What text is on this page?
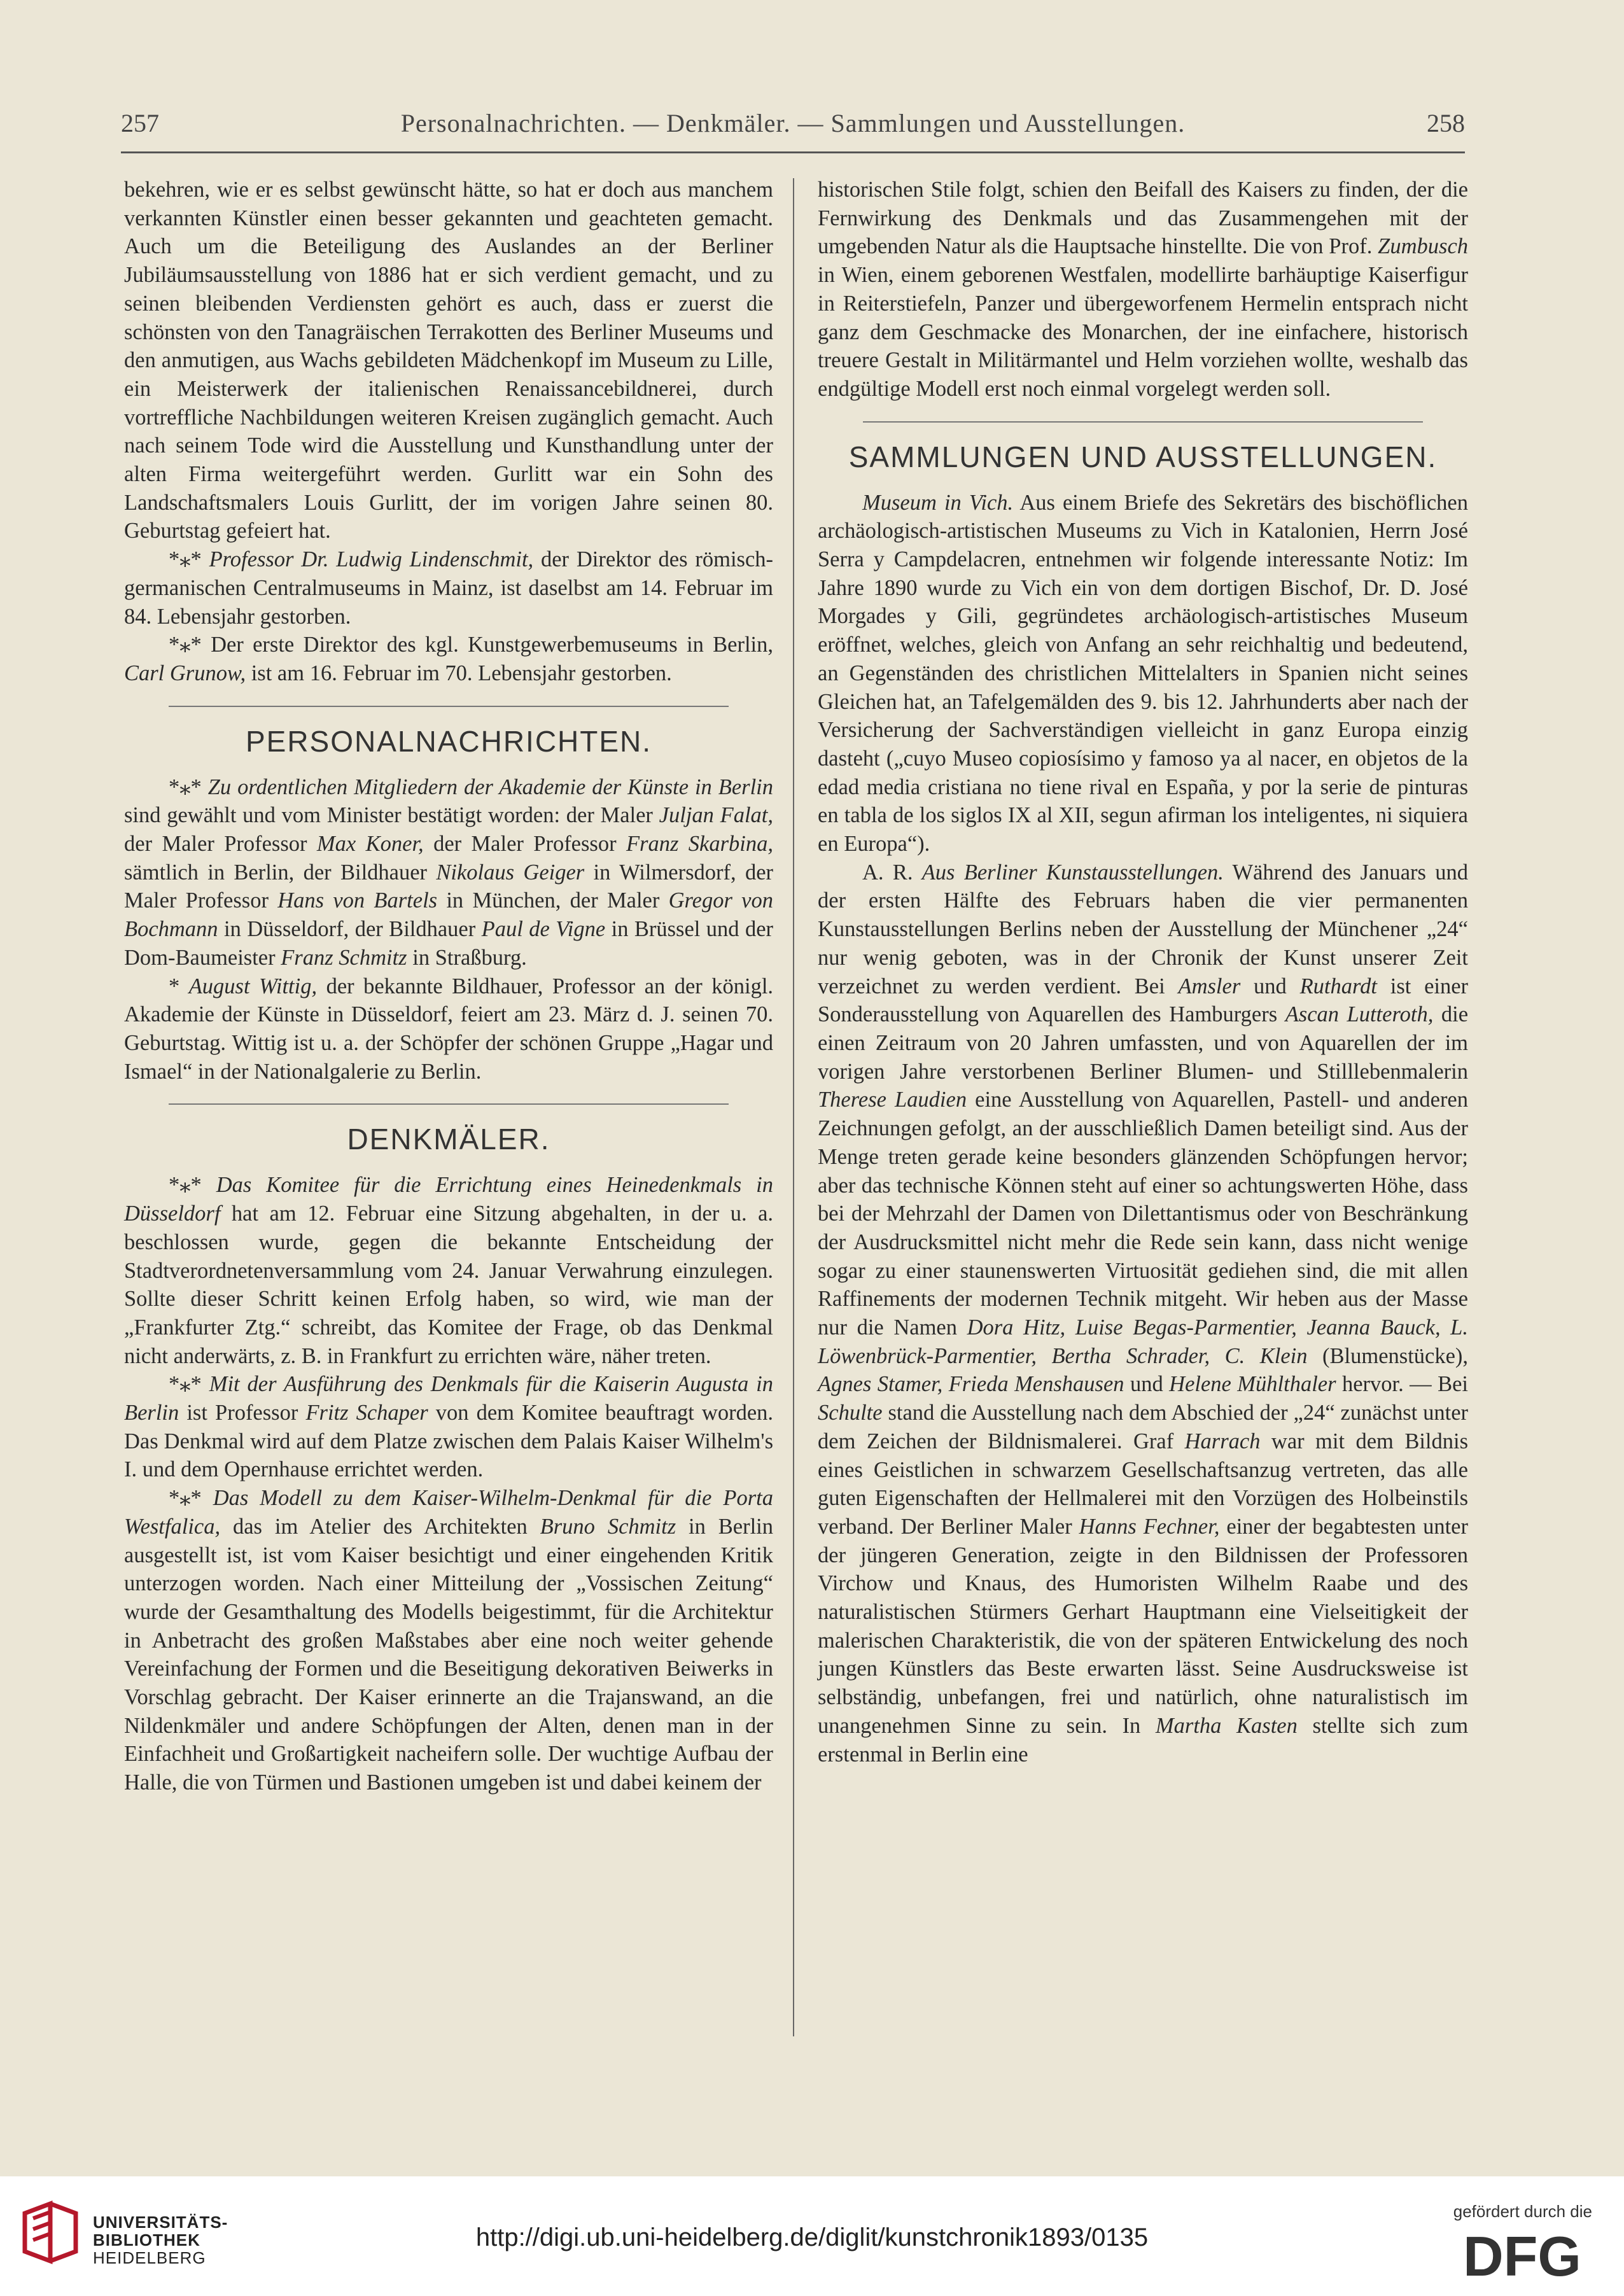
257	Personalnachrichten. — Denkmäler. — Sammlungen und Ausstellungen.	258

bekehren, wie er es selbst gewünscht hätte, so hat er doch aus manchem verkannten Künstler einen besser gekannten und geachteten gemacht. Auch um die Beteiligung des Auslandes an der Berliner Jubiläumsausstellung von 1886 hat er sich verdient gemacht, und zu seinen bleibenden Verdiensten gehört es auch, dass er zuerst die schönsten von den Tanagräischen Terrakotten des Berliner Museums und den anmutigen, aus Wachs gebildeten Mädchenkopf im Museum zu Lille, ein Meisterwerk der italienischen Renaissancebildnerei, durch vortreffliche Nachbildungen weiteren Kreisen zugänglich gemacht. Auch nach seinem Tode wird die Ausstellung und Kunsthandlung unter der alten Firma weitergeführt werden. Gurlitt war ein Sohn des Landschaftsmalers Louis Gurlitt, der im vorigen Jahre seinen 80. Geburtstag gefeiert hat.

*⁎* Professor Dr. Ludwig Lindenschmit, der Direktor des römisch-germanischen Centralmuseums in Mainz, ist daselbst am 14. Februar im 84. Lebensjahr gestorben.

*⁎* Der erste Direktor des kgl. Kunstgewerbemuseums in Berlin, Carl Grunow, ist am 16. Februar im 70. Lebensjahr gestorben.

PERSONALNACHRICHTEN.

*⁎* Zu ordentlichen Mitgliedern der Akademie der Künste in Berlin sind gewählt und vom Minister bestätigt worden: der Maler Juljan Falat, der Maler Professor Max Koner, der Maler Professor Franz Skarbina, sämtlich in Berlin, der Bildhauer Nikolaus Geiger in Wilmersdorf, der Maler Professor Hans von Bartels in München, der Maler Gregor von Bochmann in Düsseldorf, der Bildhauer Paul de Vigne in Brüssel und der Dom-Baumeister Franz Schmitz in Straßburg.

* August Wittig, der bekannte Bildhauer, Professor an der königl. Akademie der Künste in Düsseldorf, feiert am 23. März d. J. seinen 70. Geburtstag. Wittig ist u. a. der Schöpfer der schönen Gruppe „Hagar und Ismael“ in der Nationalgalerie zu Berlin.

DENKMÄLER.

*⁎* Das Komitee für die Errichtung eines Heinedenkmals in Düsseldorf hat am 12. Februar eine Sitzung abgehalten, in der u. a. beschlossen wurde, gegen die bekannte Entscheidung der Stadtverordnetenversammlung vom 24. Januar Verwahrung einzulegen. Sollte dieser Schritt keinen Erfolg haben, so wird, wie man der „Frankfurter Ztg.“ schreibt, das Komitee der Frage, ob das Denkmal nicht anderwärts, z. B. in Frankfurt zu errichten wäre, näher treten.

*⁎* Mit der Ausführung des Denkmals für die Kaiserin Augusta in Berlin ist Professor Fritz Schaper von dem Komitee beauftragt worden. Das Denkmal wird auf dem Platze zwischen dem Palais Kaiser Wilhelm's I. und dem Opernhause errichtet werden.

*⁎* Das Modell zu dem Kaiser-Wilhelm-Denkmal für die Porta Westfalica, das im Atelier des Architekten Bruno Schmitz in Berlin ausgestellt ist, ist vom Kaiser besichtigt und einer eingehenden Kritik unterzogen worden. Nach einer Mitteilung der „Vossischen Zeitung“ wurde der Gesamthaltung des Modells beigestimmt, für die Architektur in Anbetracht des großen Maßstabes aber eine noch weiter gehende Vereinfachung der Formen und die Beseitigung dekorativen Beiwerks in Vorschlag gebracht. Der Kaiser erinnerte an die Trajanswand, an die Nildenkmäler und andere Schöpfungen der Alten, denen man in der Einfachheit und Großartigkeit nacheifern solle. Der wuchtige Aufbau der Halle, die von Türmen und Bastionen umgeben ist und dabei keinem der

historischen Stile folgt, schien den Beifall des Kaisers zu finden, der die Fernwirkung des Denkmals und das Zusammengehen mit der umgebenden Natur als die Hauptsache hinstellte. Die von Prof. Zumbusch in Wien, einem geborenen Westfalen, modellirte barhäuptige Kaiserfigur in Reiterstiefeln, Panzer und übergeworfenem Hermelin entsprach nicht ganz dem Geschmacke des Monarchen, der ine einfachere, historisch treuere Gestalt in Militärmantel und Helm vorziehen wollte, weshalb das endgültige Modell erst noch einmal vorgelegt werden soll.

SAMMLUNGEN UND AUSSTELLUNGEN.

Museum in Vich. Aus einem Briefe des Sekretärs des bischöflichen archäologisch-artistischen Museums zu Vich in Katalonien, Herrn José Serra y Campdelacren, entnehmen wir folgende interessante Notiz: Im Jahre 1890 wurde zu Vich ein von dem dortigen Bischof, Dr. D. José Morgades y Gili, gegründetes archäologisch-artistisches Museum eröffnet, welches, gleich von Anfang an sehr reichhaltig und bedeutend, an Gegenständen des christlichen Mittelalters in Spanien nicht seines Gleichen hat, an Tafelgemälden des 9. bis 12. Jahrhunderts aber nach der Versicherung der Sachverständigen vielleicht in ganz Europa einzig dasteht („cuyo Museo copiosísimo y famoso ya al nacer, en objetos de la edad media cristiana no tiene rival en España, y por la serie de pinturas en tabla de los siglos IX al XII, segun afirman los inteligentes, ni siquiera en Europa“).

A. R. Aus Berliner Kunstausstellungen. Während des Januars und der ersten Hälfte des Februars haben die vier permanenten Kunstausstellungen Berlins neben der Ausstellung der Münchener „24“ nur wenig geboten, was in der Chronik der Kunst unserer Zeit verzeichnet zu werden verdient. Bei Amsler und Ruthardt ist einer Sonderausstellung von Aquarellen des Hamburgers Ascan Lutteroth, die einen Zeitraum von 20 Jahren umfassten, und von Aquarellen der im vorigen Jahre verstorbenen Berliner Blumen- und Stilllebenmalerin Therese Laudien eine Ausstellung von Aquarellen, Pastell- und anderen Zeichnungen gefolgt, an der ausschließlich Damen beteiligt sind. Aus der Menge treten gerade keine besonders glänzenden Schöpfungen hervor; aber das technische Können steht auf einer so achtungswerten Höhe, dass bei der Mehrzahl der Damen von Dilettantismus oder von Beschränkung der Ausdrucksmittel nicht mehr die Rede sein kann, dass nicht wenige sogar zu einer staunenswerten Virtuosität gediehen sind, die mit allen Raffinements der modernen Technik mitgeht. Wir heben aus der Masse nur die Namen Dora Hitz, Luise Begas-Parmentier, Jeanna Bauck, L. Löwenbrück-Parmentier, Bertha Schrader, C. Klein (Blumenstücke), Agnes Stamer, Frieda Menshausen und Helene Mühlthaler hervor. — Bei Schulte stand die Ausstellung nach dem Abschied der „24“ zunächst unter dem Zeichen der Bildnismalerei. Graf Harrach war mit dem Bildnis eines Geistlichen in schwarzem Gesellschaftsanzug vertreten, das alle guten Eigenschaften der Hellmalerei mit den Vorzügen des Holbeinstils verband. Der Berliner Maler Hanns Fechner, einer der begabtesten unter der jüngeren Generation, zeigte in den Bildnissen der Professoren Virchow und Knaus, des Humoristen Wilhelm Raabe und des naturalistischen Stürmers Gerhart Hauptmann eine Vielseitigkeit der malerischen Charakteristik, die von der späteren Entwickelung des noch jungen Künstlers das Beste erwarten lässt. Seine Ausdrucksweise ist selbständig, unbefangen, frei und natürlich, ohne naturalistisch im unangenehmen Sinne zu sein. In Martha Kasten stellte sich zum erstenmal in Berlin eine

UNIVERSITÄTS-
BIBLIOTHEK
HEIDELBERG
http://digi.ub.uni-heidelberg.de/diglit/kunstchronik1893/0135
gefördert durch die
DFG
